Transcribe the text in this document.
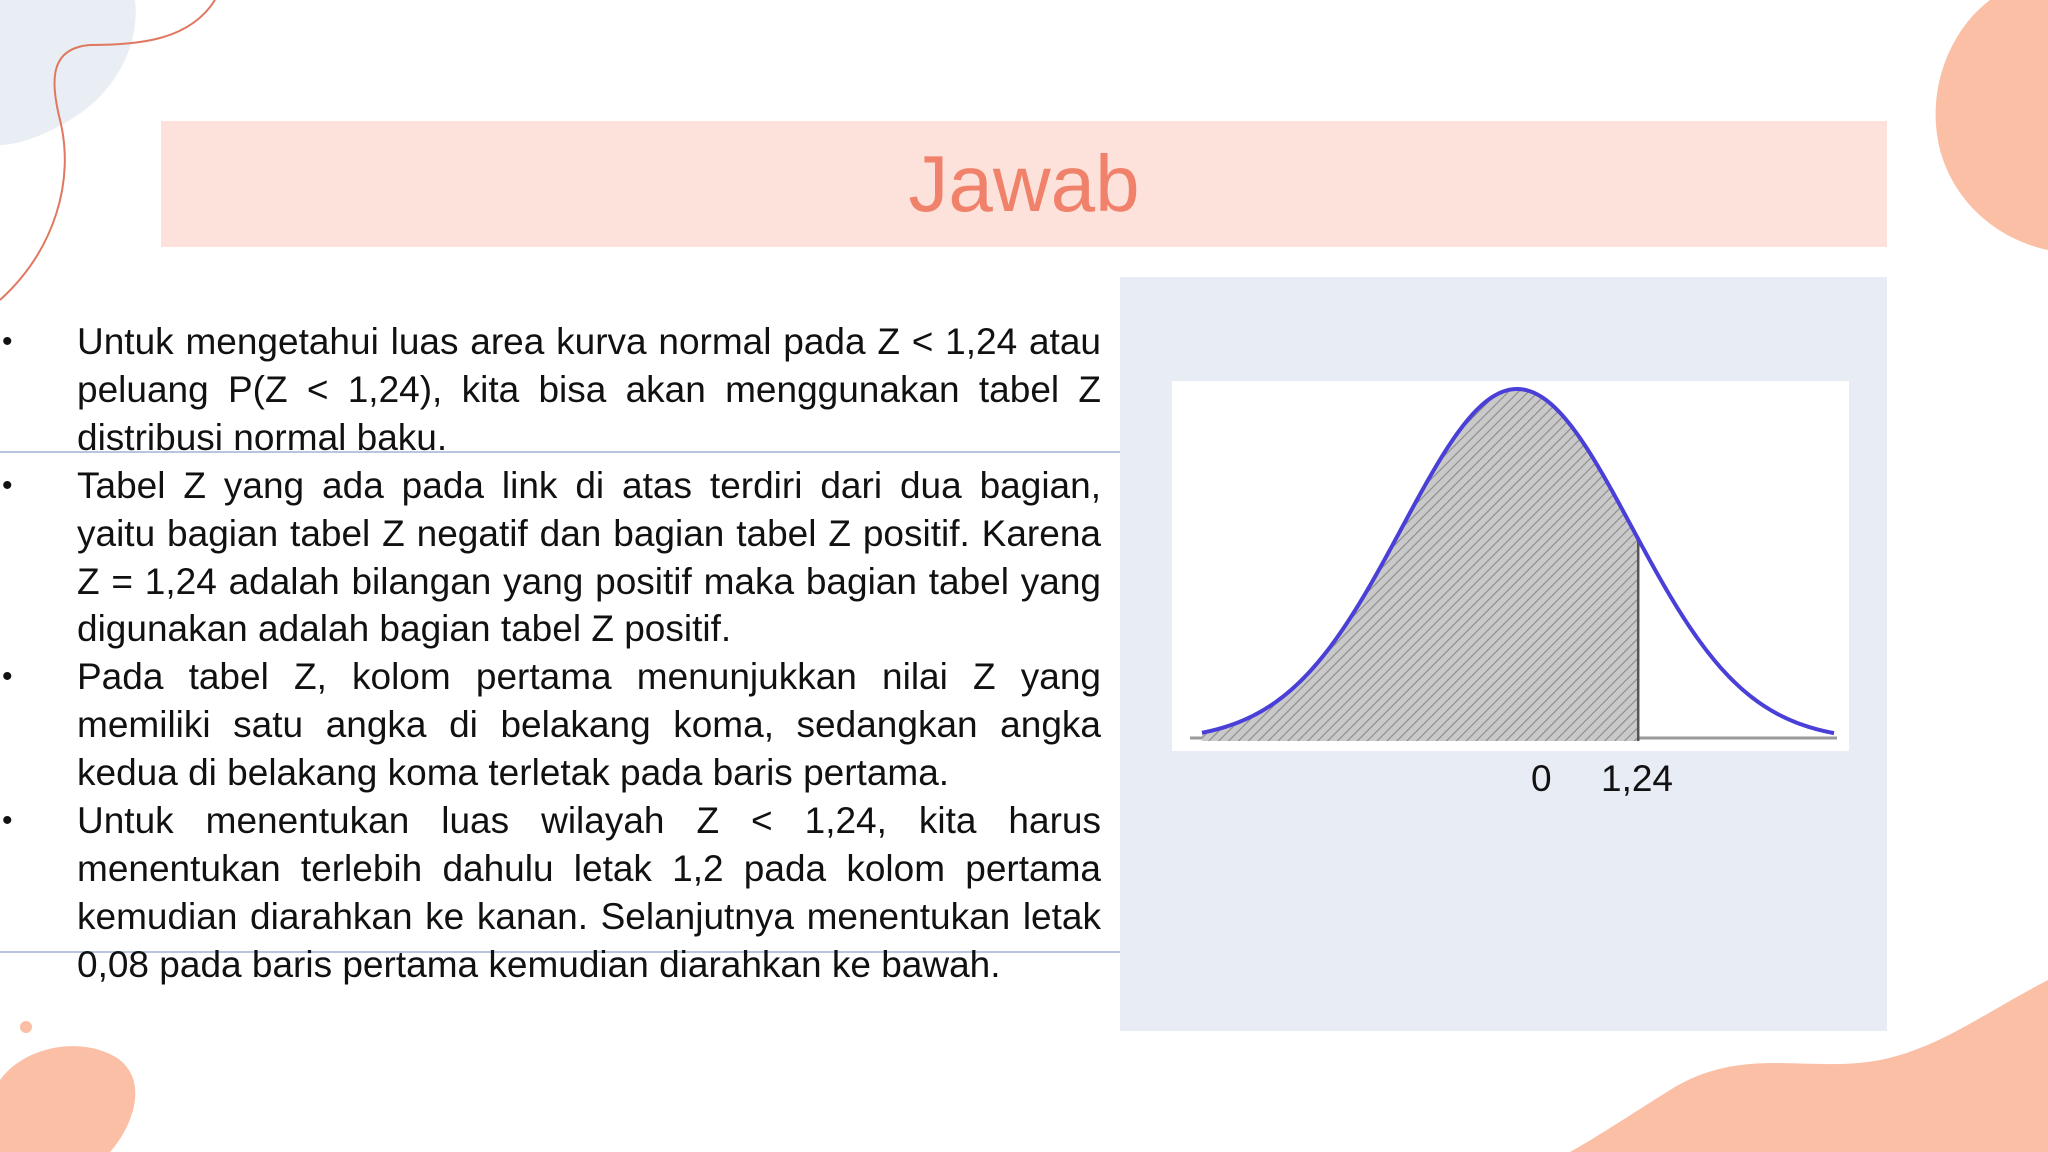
Jawab
• Untuk mengetahui luas area kurva normal pada Z < 1,24 atau peluang P(Z < 1,24), kita bisa akan menggunakan tabel Z distribusi normal baku.
• Tabel Z yang ada pada link di atas terdiri dari dua bagian, yaitu bagian tabel Z negatif dan bagian tabel Z positif. Karena Z = 1,24 adalah bilangan yang positif maka bagian tabel yang digunakan adalah bagian tabel Z positif.
• Pada tabel Z, kolom pertama menunjukkan nilai Z yang memiliki satu angka di belakang koma, sedangkan angka kedua di belakang koma terletak pada baris pertama.
• Untuk menentukan luas wilayah Z < 1,24, kita harus menentukan terlebih dahulu letak 1,2 pada kolom pertama kemudian diarahkan ke kanan. Selanjutnya menentukan letak 0,08 pada baris pertama kemudian diarahkan ke bawah.
0 1,24
